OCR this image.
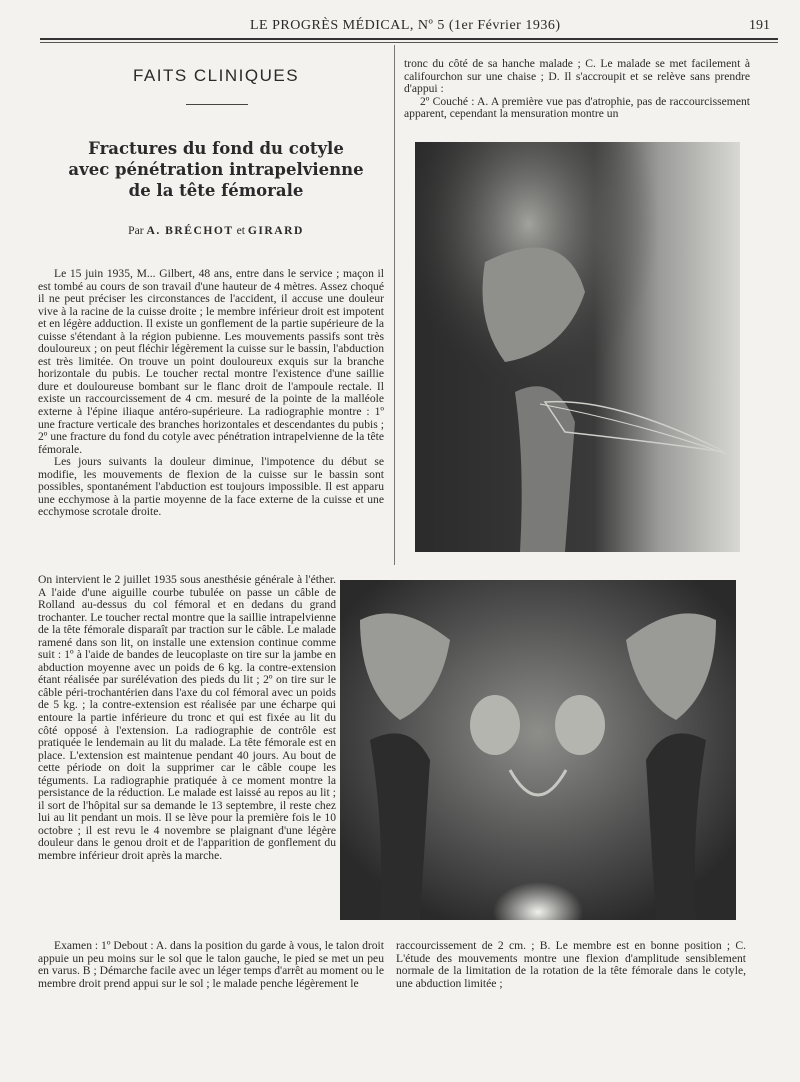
LE PROGRÈS MÉDICAL, Nº 5 (1er Février 1936)	191
FAITS CLINIQUES
Fractures du fond du cotyle
avec pénétration intrapelvienne
de la tête fémorale
Par A. BRÉCHOT et GIRARD

tronc du côté de sa hanche malade ; C. Le malade se met facilement à califourchon sur une chaise ; D. Il s'accroupit et se relève sans prendre d'appui :

2º Couché : A. A première vue pas d'atrophie, pas de raccourcissement apparent, cependant la mensuration montre un

Le 15 juin 1935, M... Gilbert, 48 ans, entre dans le service ; maçon il est tombé au cours de son travail d'une hauteur de 4 mètres. Assez choqué il ne peut préciser les circonstances de l'accident, il accuse une douleur vive à la racine de la cuisse droite ; le membre inférieur droit est impotent et en légère adduction. Il existe un gonflement de la partie supérieure de la cuisse s'étendant à la région pubienne. Les mouvements passifs sont très douloureux ; on peut fléchir légèrement la cuisse sur le bassin, l'abduction est très limitée. On trouve un point douloureux exquis sur la branche horizontale du pubis. Le toucher rectal montre l'existence d'une saillie dure et douloureuse bombant sur le flanc droit de l'ampoule rectale. Il existe un raccourcissement de 4 cm. mesuré de la pointe de la malléole externe à l'épine iliaque antéro-supérieure. La radiographie montre : 1º une fracture verticale des branches horizontales et descendantes du pubis ; 2º une fracture du fond du cotyle avec pénétration intrapelvienne de la tête fémorale.

Les jours suivants la douleur diminue, l'impotence du début se modifie, les mouvements de flexion de la cuisse sur le bassin sont possibles, spontanément l'abduction est toujours impossible. Il est apparu une ecchymose à la partie moyenne de la face externe de la cuisse et une ecchymose scrotale droite.

On intervient le 2 juillet 1935 sous anesthésie générale à l'éther. A l'aide d'une aiguille courbe tubulée on passe un câble de Rolland au-dessus du col fémoral et en dedans du grand trochanter. Le toucher rectal montre que la saillie intrapelvienne de la tête fémorale disparaît par traction sur le câble. Le malade ramené dans son lit, on installe une extension continue comme suit : 1º à l'aide de bandes de leucoplaste on tire sur la jambe en abduction moyenne avec un poids de 6 kg. la contre-extension étant réalisée par surélévation des pieds du lit ; 2º on tire sur le câble péri-trochantérien dans l'axe du col fémoral avec un poids de 5 kg. ; la contre-extension est réalisée par une écharpe qui entoure la partie inférieure du tronc et qui est fixée au lit du côté opposé à l'extension. La radiographie de contrôle est pratiquée le lendemain au lit du malade. La tête fémorale est en place. L'extension est maintenue pendant 40 jours. Au bout de cette période on doit la supprimer car le câble coupe les téguments. La radiographie pratiquée à ce moment montre la persistance de la réduction. Le malade est laissé au repos au lit ; il sort de l'hôpital sur sa demande le 13 septembre, il reste chez lui au lit pendant un mois. Il se lève pour la première fois le 10 octobre ; il est revu le 4 novembre se plaignant d'une légère douleur dans le genou droit et de l'apparition de gonflement du membre inférieur droit après la marche.

Examen : 1º Debout : A. dans la position du garde à vous, le talon droit appuie un peu moins sur le sol que le talon gauche, le pied se met un peu en varus. B ; Démarche facile avec un léger temps d'arrêt au moment ou le membre droit prend appui sur le sol ; le malade penche légèrement le

raccourcissement de 2 cm. ; B. Le membre est en bonne position ; C. L'étude des mouvements montre une flexion d'amplitude sensiblement normale de la limitation de la rotation de la tête fémorale dans le cotyle, une abduction limitée ;
